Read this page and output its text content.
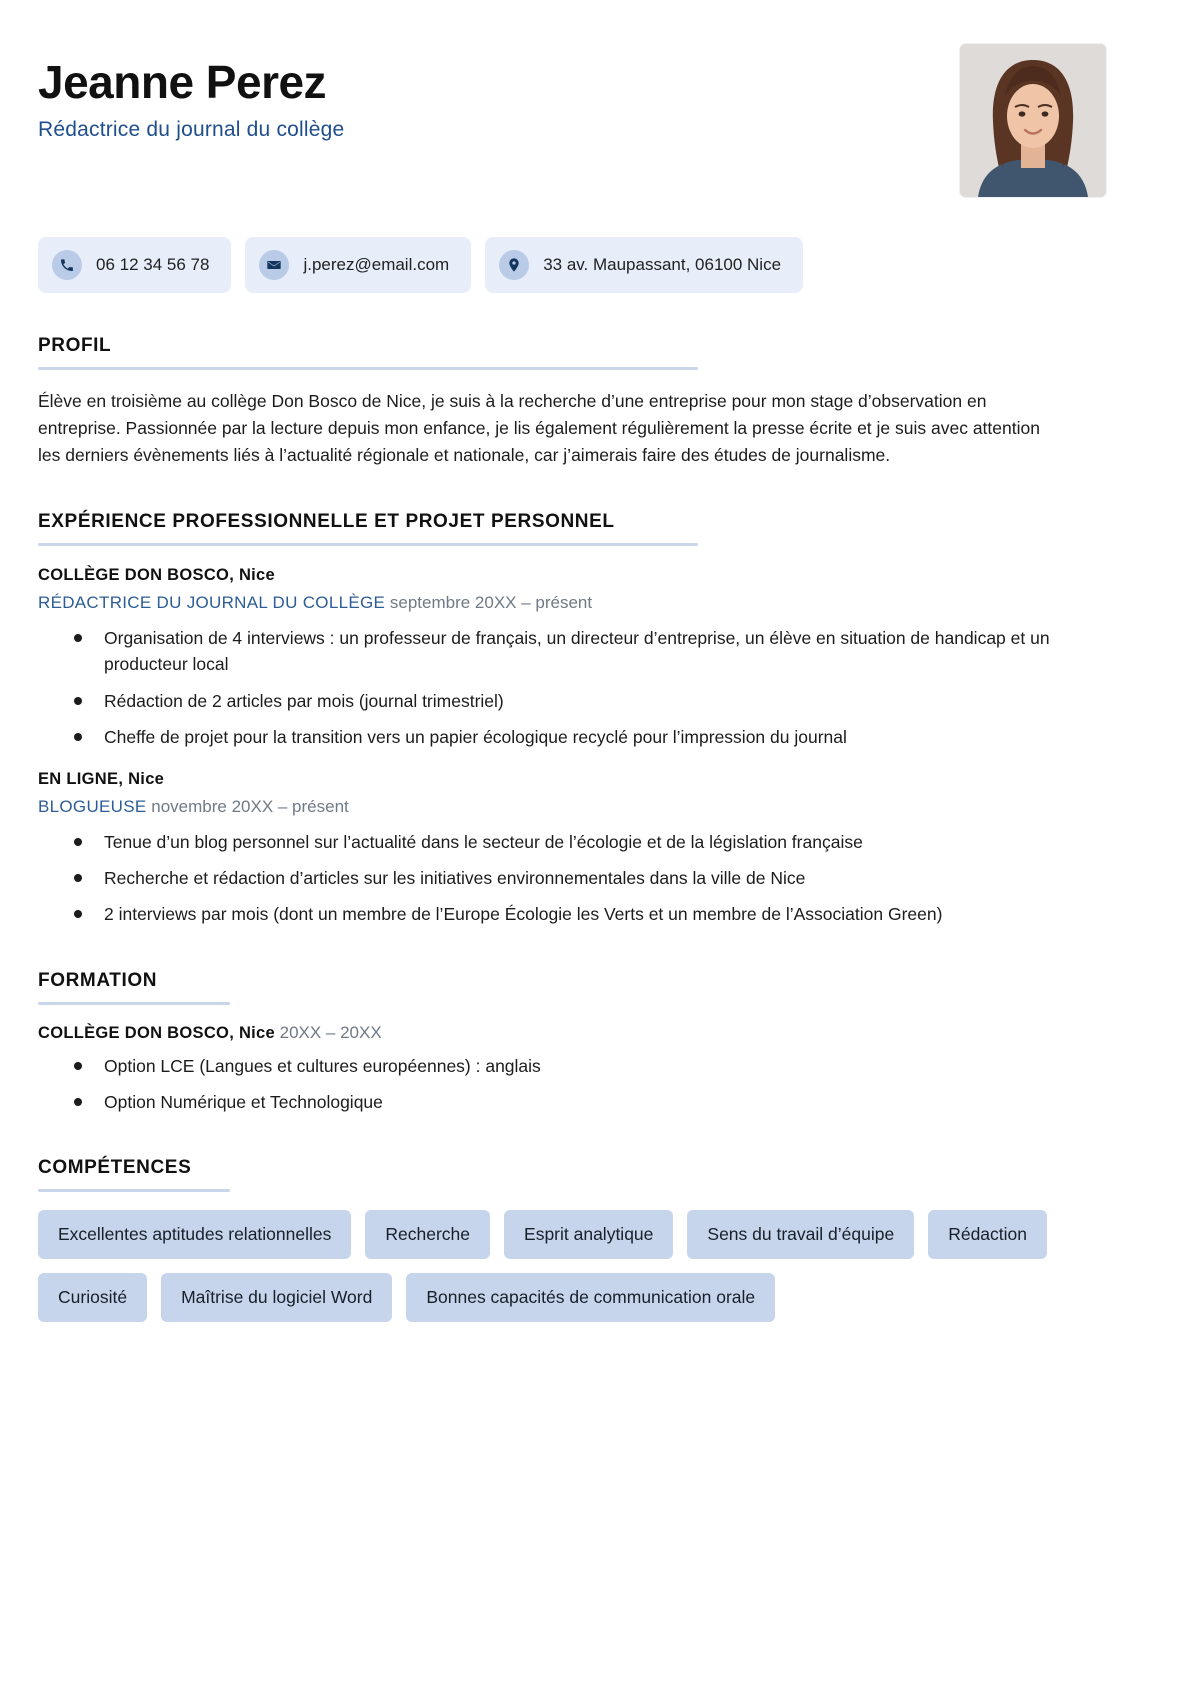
Jeanne Perez

Rédactrice du journal du collège

06 12 34 56 78	j.perez@email.com	33 av. Maupassant, 06100 Nice
PROFIL

Élève en troisième au collège Don Bosco de Nice, je suis à la recherche d’une entreprise pour mon stage d’observation en entreprise. Passionnée par la lecture depuis mon enfance, je lis également régulièrement la presse écrite et je suis avec attention les derniers évènements liés à l’actualité régionale et nationale, car j’aimerais faire des études de journalisme.

EXPÉRIENCE PROFESSIONNELLE ET PROJET PERSONNEL

COLLÈGE DON BOSCO, Nice

RÉDACTRICE DU JOURNAL DU COLLÈGE septembre 20XX – présent

Organisation de 4 interviews : un professeur de français, un directeur d’entreprise, un élève en situation de handicap et un producteur local
Rédaction de 2 articles par mois (journal trimestriel)
Cheffe de projet pour la transition vers un papier écologique recyclé pour l’impression du journal

EN LIGNE, Nice

BLOGUEUSE novembre 20XX – présent

Tenue d’un blog personnel sur l’actualité dans le secteur de l’écologie et de la législation française
Recherche et rédaction d’articles sur les initiatives environnementales dans la ville de Nice
2 interviews par mois (dont un membre de l’Europe Écologie les Verts et un membre de l’Association Green)
FORMATION

COLLÈGE DON BOSCO, Nice 20XX – 20XX

Option LCE (Langues et cultures européennes) : anglais
Option Numérique et Technologique
COMPÉTENCES
Excellentes aptitudes relationnelles	Recherche	Esprit analytique	Sens du travail d’équipe	Rédaction
Curiosité	Maîtrise du logiciel Word	Bonnes capacités de communication orale
